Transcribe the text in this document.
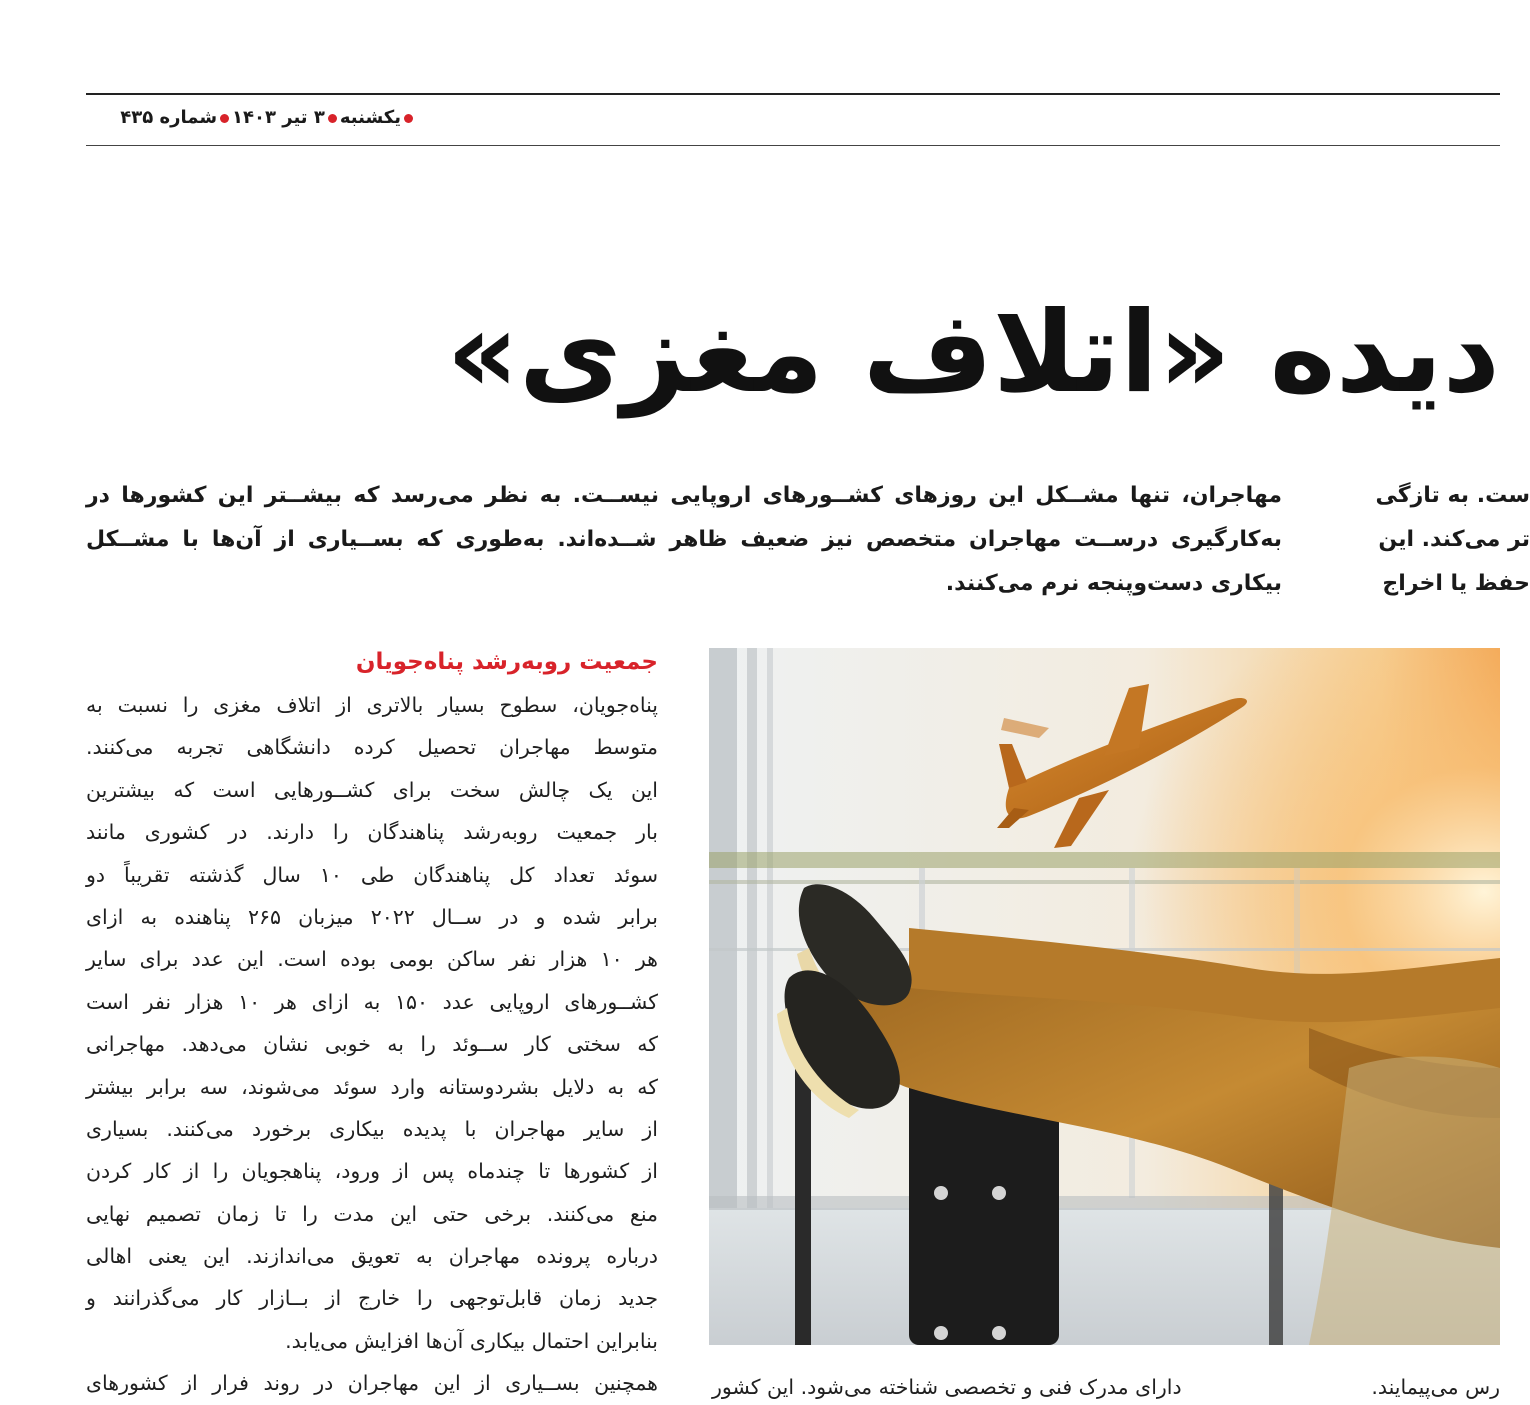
یکشنبه۳ تیر ۱۴۰۳شماره ۴۳۵
دیده «اتلاف مغزی»
ست. به تازگی
تر می‌کند. این
حفظ یا اخراج
مهاجران، تنها مشــکل این روزهای کشــورهای اروپایی نیســت. به نظر می‌رسد که بیشــتر این کشورها در
به‌کارگیری درســت مهاجران متخصص نیز ضعیف ظاهر شــده‌اند. به‌طوری که بســیاری از آن‌ها با مشــکل
بیکاری دست‌وپنجه نرم می‌کنند.
جمعیت روبه‌رشد پناه‌جویان
پناه‌جویان، سطوح بسیار بالاتری از اتلاف مغزی را نسبت به
متوسط مهاجران تحصیل کرده دانشگاهی تجربه می‌کنند.
این یک چالش سخت برای کشــورهایی است که بیشترین
بار جمعیت روبه‌رشد پناهندگان را دارند. در کشوری مانند
سوئد تعداد کل پناهندگان طی ۱۰ سال گذشته تقریباً دو
برابر شده و در ســال ۲۰۲۲ میزبان ۲۶۵ پناهنده به ازای
هر ۱۰ هزار نفر ساکن بومی بوده است. این عدد برای سایر
کشــورهای اروپایی عدد ۱۵۰ به ازای هر ۱۰ هزار نفر است
که سختی کار ســوئد را به خوبی نشان می‌دهد. مهاجرانی
که به دلایل بشردوستانه وارد سوئد می‌شوند، سه برابر بیشتر
از سایر مهاجران با پدیده بیکاری برخورد می‌کنند. بسیاری
از کشورها تا چندماه پس از ورود، پناهجویان را از کار کردن
منع می‌کنند. برخی حتی این مدت را تا زمان تصمیم نهایی
درباره پرونده مهاجران به تعویق می‌اندازند. این یعنی اهالی
جدید زمان قابل‌توجهی را خارج از بــازار کار می‌گذرانند و
بنابراین احتمال بیکاری آن‌ها افزایش می‌یابد.
همچنین بســیاری از این مهاجران در روند فرار از کشورهای	دارای مدرک فنی و تخصصی شناخته می‌شود. این کشور	رس می‌پیمایند.
